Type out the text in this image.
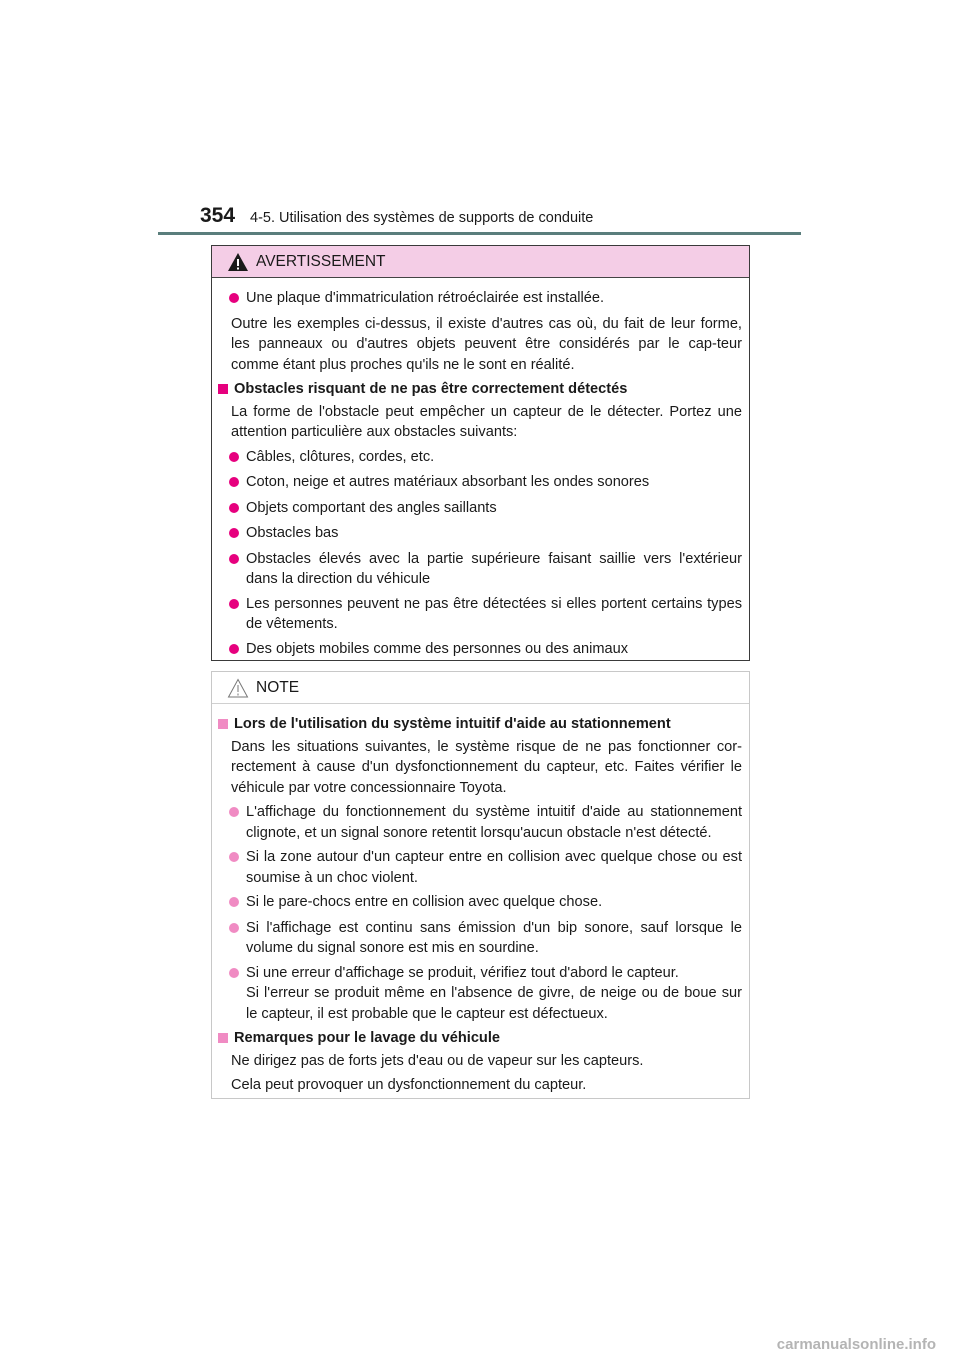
354 4-5. Utilisation des systèmes de supports de conduite
AVERTISSEMENT
Une plaque d'immatriculation rétroéclairée est installée.

Outre les exemples ci-dessus, il existe d'autres cas où, du fait de leur forme, les panneaux ou d'autres objets peuvent être considérés par le cap-teur comme étant plus proches qu'ils ne le sont en réalité.

Obstacles risquant de ne pas être correctement détectés

La forme de l'obstacle peut empêcher un capteur de le détecter. Portez une attention particulière aux obstacles suivants:

Câbles, clôtures, cordes, etc.
Coton, neige et autres matériaux absorbant les ondes sonores
Objets comportant des angles saillants
Obstacles bas
Obstacles élevés avec la partie supérieure faisant saillie vers l'extérieur dans la direction du véhicule
Les personnes peuvent ne pas être détectées si elles portent certains types de vêtements.
Des objets mobiles comme des personnes ou des animaux
NOTE
Lors de l'utilisation du système intuitif d'aide au stationnement

Dans les situations suivantes, le système risque de ne pas fonctionner cor-rectement à cause d'un dysfonctionnement du capteur, etc. Faites vérifier le véhicule par votre concessionnaire Toyota.

L'affichage du fonctionnement du système intuitif d'aide au stationnement clignote, et un signal sonore retentit lorsqu'aucun obstacle n'est détecté.
Si la zone autour d'un capteur entre en collision avec quelque chose ou est soumise à un choc violent.
Si le pare-chocs entre en collision avec quelque chose.
Si l'affichage est continu sans émission d'un bip sonore, sauf lorsque le volume du signal sonore est mis en sourdine.
Si une erreur d'affichage se produit, vérifiez tout d'abord le capteur.
Si l'erreur se produit même en l'absence de givre, de neige ou de boue sur le capteur, il est probable que le capteur est défectueux.
Remarques pour le lavage du véhicule

Ne dirigez pas de forts jets d'eau ou de vapeur sur les capteurs.

Cela peut provoquer un dysfonctionnement du capteur.

carmanualsonline.info
